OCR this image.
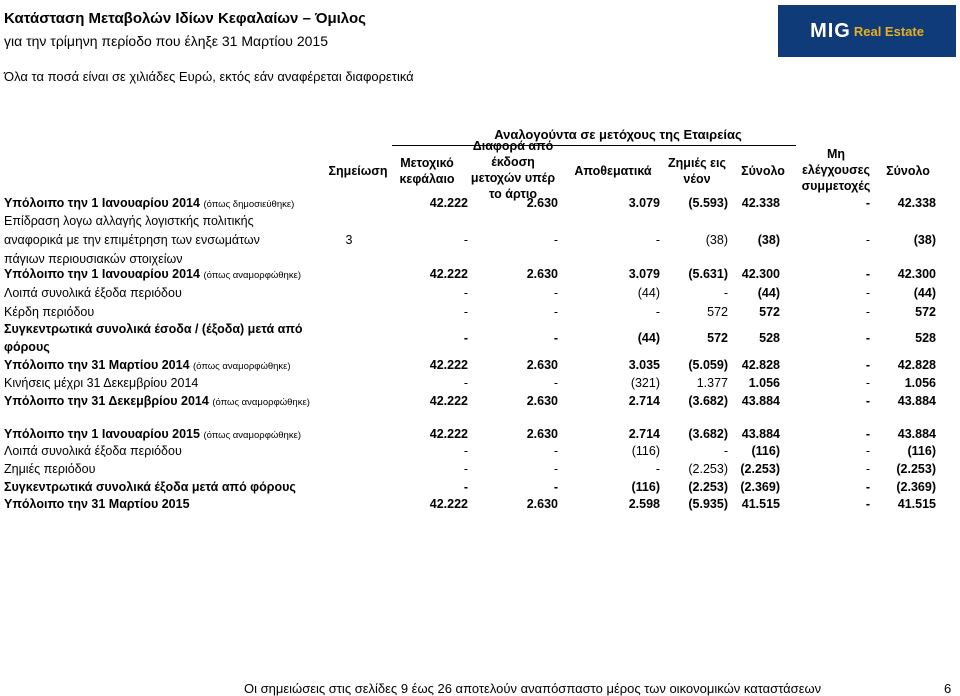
Κατάσταση Μεταβολών Ιδίων Κεφαλαίων – Όμιλος
για την τρίμηνη περίοδο που έληξε 31 Μαρτίου 2015	MIG Real Estate
Όλα τα ποσά είναι σε χιλιάδες Ευρώ, εκτός εάν αναφέρεται διαφορετικά
Αναλογούντα σε μετόχους της Εταιρείας
Σημείωση
Μετοχικό κεφάλαιο
Διαφορά από έκδοση μετοχών υπέρ το άρτιο
Αποθεματικά
Ζημιές εις νέον
Σύνολο
Μη ελέγχουσες συμμετοχές
Σύνολο
Υπόλοιπο την 1 Ιανουαρίου 2014 (όπως δημοσιεύθηκε)	42.222	2.630	3.079	(5.593)	42.338	-	42.338
Επίδραση λογω αλλαγής λογιστκής πολιτικής
αναφορικά με την επιμέτρηση των ενσωμάτων
πάγιων περιουσιακών στοιχείων
3	-	-	-	(38)	(38)	-	(38)
Υπόλοιπο την 1 Ιανουαρίου 2014 (όπως αναμορφώθηκε)	42.222	2.630	3.079	(5.631)	42.300	-	42.300
Λοιπά συνολικά έξοδα περιόδου	-	-	(44)	-	(44)	-	(44)
Κέρδη περιόδου	-	-	-	572	572	-	572
Συγκεντρωτικά συνολικά έσοδα / (έξοδα) μετά από
φόρους
-	-	(44)	572	528	-	528
Υπόλοιπο την 31 Μαρτίου 2014 (όπως αναμορφώθηκε)	42.222	2.630	3.035	(5.059)	42.828	-	42.828
Κινήσεις μέχρι 31 Δεκεμβρίου 2014	-	-	(321)	1.377	1.056	-	1.056
Υπόλοιπο την 31 Δεκεμβρίου 2014 (όπως αναμορφώθηκε)	42.222	2.630	2.714	(3.682)	43.884	-	43.884
Υπόλοιπο την 1 Ιανουαρίου 2015 (όπως αναμορφώθηκε)	42.222	2.630	2.714	(3.682)	43.884	-	43.884
Λοιπά συνολικά έξοδα περιόδου	-	-	(116)	-	(116)	-	(116)
Ζημιές περιόδου	-	-	-	(2.253) (2.253)	-	(2.253)
Συγκεντρωτικά συνολικά έξοδα μετά από φόρους	-	-	(116)	(2.253) (2.369)	-	(2.369)
Υπόλοιπο την 31 Μαρτίου 2015	42.222	2.630	2.598	(5.935)	41.515	-	41.515
Οι σημειώσεις στις σελίδες 9 έως 26 αποτελούν αναπόσπαστο μέρος των οικονομικών καταστάσεων	6
